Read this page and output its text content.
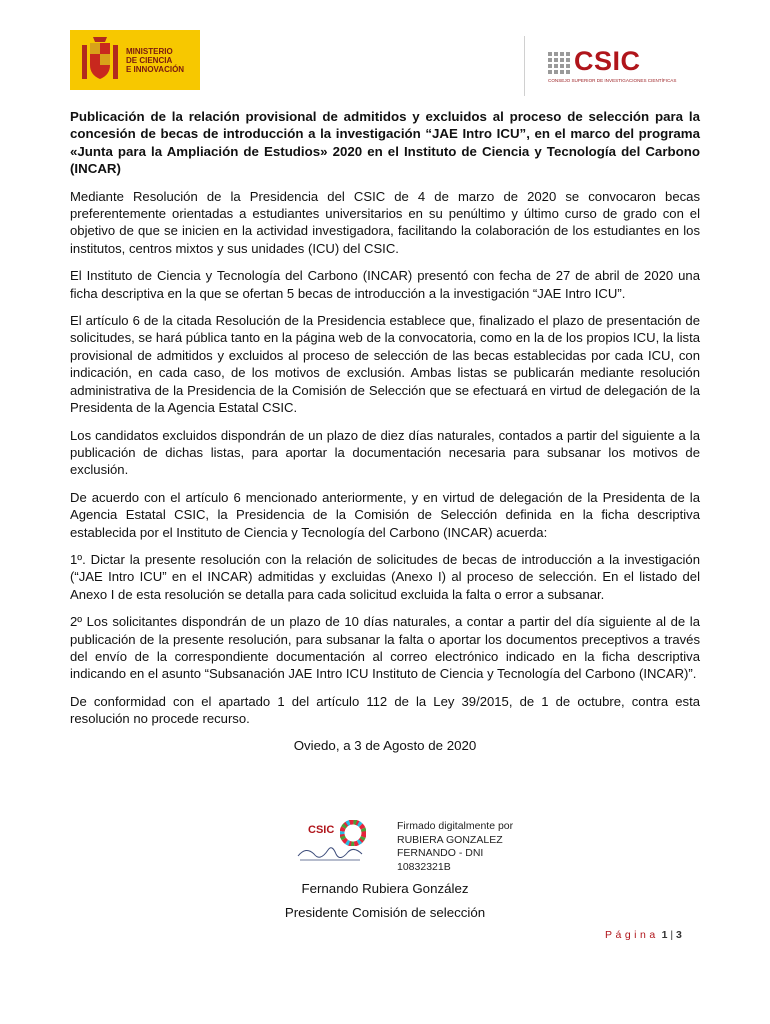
MINISTERIO
DE CIENCIA
E INNOVACIÓN	CSIC
CONSEJO SUPERIOR DE INVESTIGACIONES CIENTÍFICAS

Publicación de la relación provisional de admitidos y excluidos al proceso de selección para la concesión de becas de introducción a la investigación “JAE Intro ICU”, en el marco del programa «Junta para la Ampliación de Estudios» 2020 en el Instituto de Ciencia y Tecnología del Carbono (INCAR)

Mediante Resolución de la Presidencia del CSIC de 4 de marzo de 2020 se convocaron becas preferentemente orientadas a estudiantes universitarios en su penúltimo y último curso de grado con el objetivo de que se inicien en la actividad investigadora, facilitando la colaboración de los estudiantes en los institutos, centros mixtos y sus unidades (ICU) del CSIC.

El Instituto de Ciencia y Tecnología del Carbono (INCAR) presentó con fecha de 27 de abril de 2020 una ficha descriptiva en la que se ofertan 5 becas de introducción a la investigación “JAE Intro ICU”.

El artículo 6 de la citada Resolución de la Presidencia establece que, finalizado el plazo de presentación de solicitudes, se hará pública tanto en la página web de la convocatoria, como en la de los propios ICU, la lista provisional de admitidos y excluidos al proceso de selección de las becas establecidas por cada ICU, con indicación, en cada caso, de los motivos de exclusión. Ambas listas se publicarán mediante resolución administrativa de la Presidencia de la Comisión de Selección que se efectuará en virtud de delegación de la Presidenta de la Agencia Estatal CSIC.

Los candidatos excluidos dispondrán de un plazo de diez días naturales, contados a partir del siguiente a la publicación de dichas listas, para aportar la documentación necesaria para subsanar los motivos de exclusión.

De acuerdo con el artículo 6 mencionado anteriormente, y en virtud de delegación de la Presidenta de la Agencia Estatal CSIC, la Presidencia de la Comisión de Selección definida en la ficha descriptiva establecida por el Instituto de Ciencia y Tecnología del Carbono (INCAR) acuerda:

1º. Dictar la presente resolución con la relación de solicitudes de becas de introducción a la investigación (“JAE Intro ICU” en el INCAR) admitidas y excluidas (Anexo I) al proceso de selección. En el listado del Anexo I de esta resolución se detalla para cada solicitud excluida la falta o error a subsanar.

2º Los solicitantes dispondrán de un plazo de 10 días naturales, a contar a partir del día siguiente al de la publicación de la presente resolución, para subsanar la falta o aportar los documentos preceptivos a través del envío de la correspondiente documentación al correo electrónico indicado en la ficha descriptiva indicando en el asunto “Subsanación JAE Intro ICU Instituto de Ciencia y Tecnología del Carbono (INCAR)”.

De conformidad con el apartado 1 del artículo 112 de la Ley 39/2015, de 1 de octubre, contra esta resolución no procede recurso.

Oviedo, a 3 de Agosto de 2020

CSIC	Firmado digitalmente por
RUBIERA GONZALEZ
FERNANDO - DNI
10832321B
Fernando Rubiera González
Presidente Comisión de selección
Página 1 | 3
